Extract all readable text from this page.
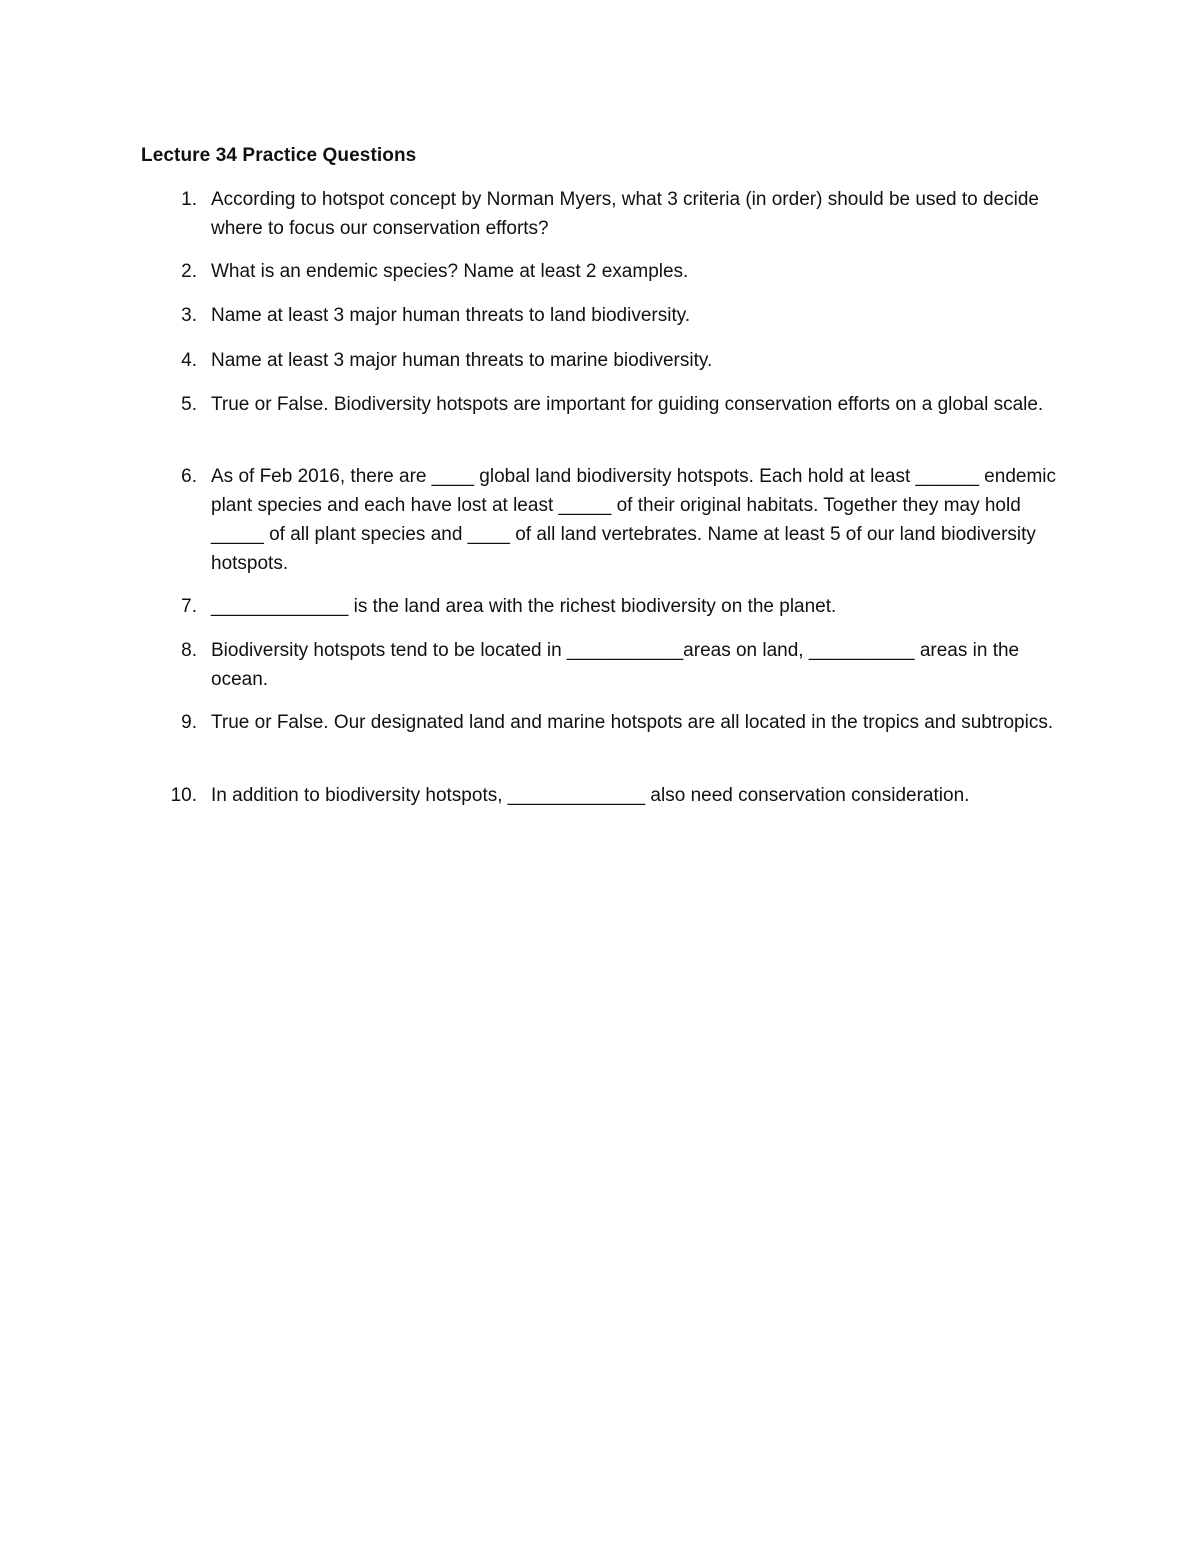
Lecture 34 Practice Questions
1. According to hotspot concept by Norman Myers, what 3 criteria (in order) should be used to decide where to focus our conservation efforts?
2. What is an endemic species? Name at least 2 examples.
3. Name at least 3 major human threats to land biodiversity.
4. Name at least 3 major human threats to marine biodiversity.
5. True or False. Biodiversity hotspots are important for guiding conservation efforts on a global scale.
6. As of Feb 2016, there are ____ global land biodiversity hotspots. Each hold at least ______ endemic plant species and each have lost at least _____ of their original habitats. Together they may hold _____ of all plant species and ____ of all land vertebrates. Name at least 5 of our land biodiversity hotspots.
7. _____________ is the land area with the richest biodiversity on the planet.
8. Biodiversity hotspots tend to be located in ___________areas on land, __________ areas in the ocean.
9. True or False. Our designated land and marine hotspots are all located in the tropics and subtropics.
10. In addition to biodiversity hotspots, _____________ also need conservation consideration.
